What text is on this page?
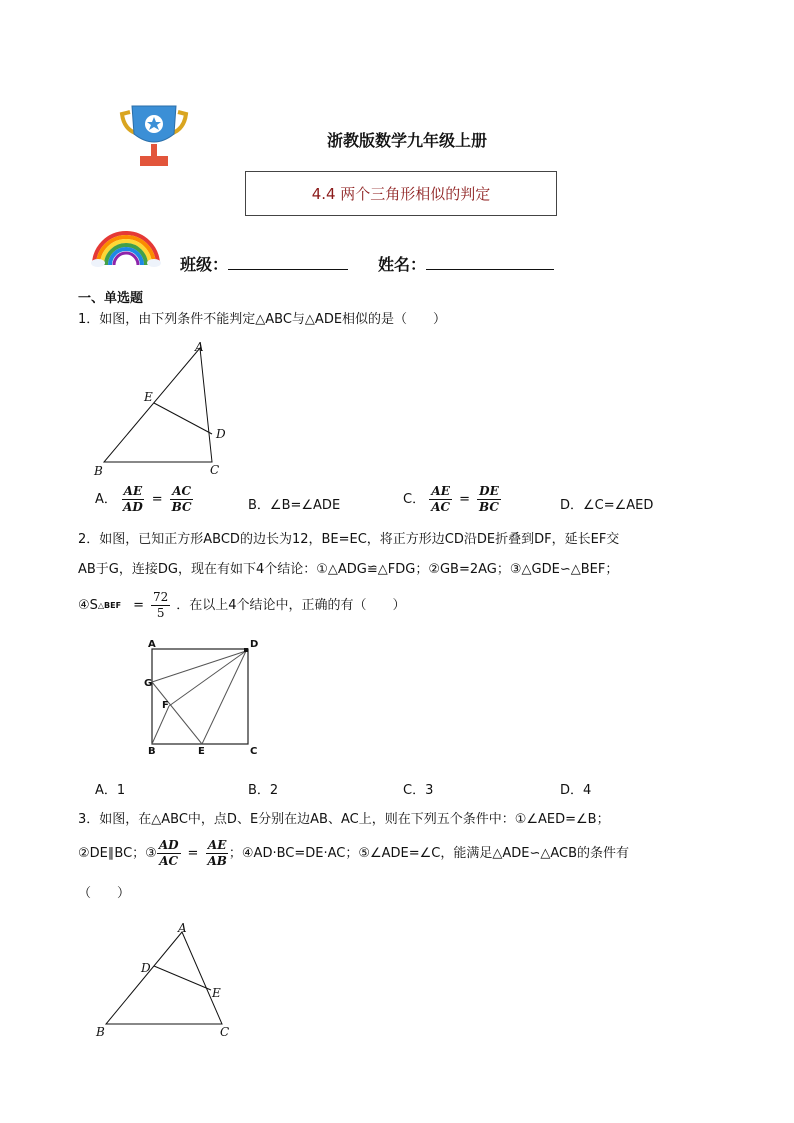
浙教版数学九年级上册
4.4 两个三角形相似的判定
班级：	姓名：
一、单选题
1．如图，由下列条件不能判定△ABC与△ADE相似的是（　　）
A
B	C
D
E
A． $\frac{AE}{AD} = \frac{AC}{BC}$	B．∠B=∠ADE	C． $\frac{AE}{AC} = \frac{DE}{BC}$	D．∠C=∠AED
2．如图，已知正方形ABCD的边长为12，BE=EC，将正方形边CD沿DE折叠到DF，延长EF交
AB于G，连接DG，现在有如下4个结论：①△ADG≌△FDG；②GB=2AG；③△GDE∽△BEF；
④S △BEF = $\frac{72}{5}$ ．在以上4个结论中，正确的有（　　）
A
B	C
D
E
F
G
A．1	B．2	C．3	D．4
3．如图，在△ABC中，点D、E分别在边AB、AC上，则在下列五个条件中：①∠AED=∠B；
②DE∥BC；③ $\frac{AD}{AC} = \frac{AE}{AB}$ ；④AD·BC=DE·AC；⑤∠ADE=∠C，能满足△ADE∽△ACB的条件有
（　　）
A
B	C
D
E
